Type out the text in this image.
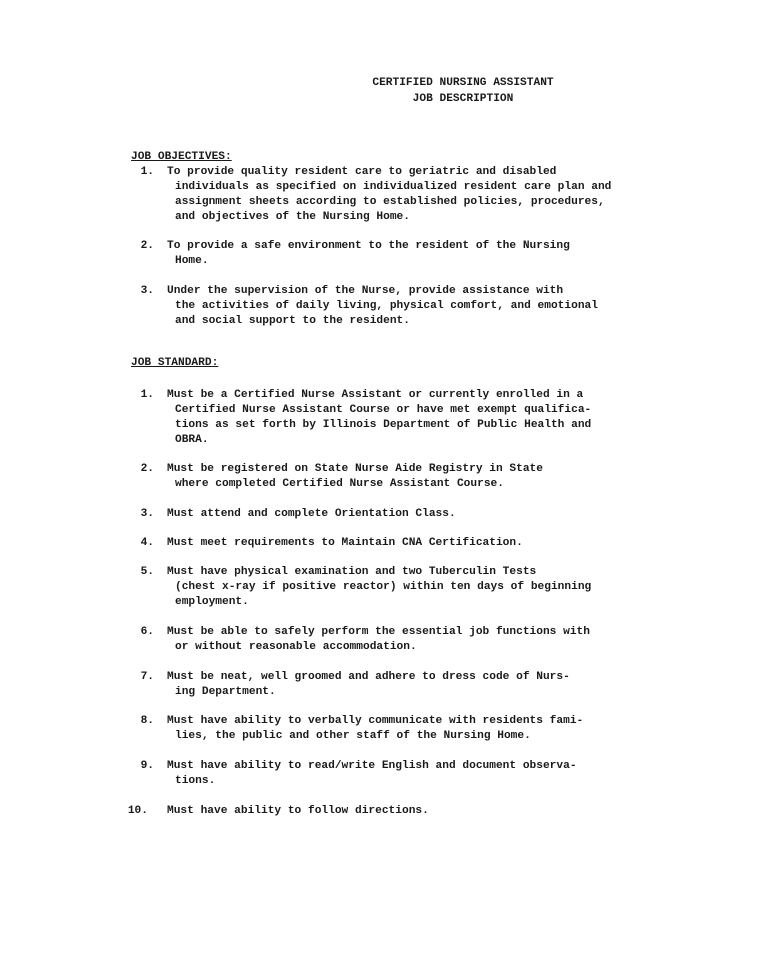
CERTIFIED NURSING ASSISTANT
JOB DESCRIPTION
JOB OBJECTIVES:
1. To provide quality resident care to geriatric and disabled
individuals as specified on individualized resident care plan and
assignment sheets according to established policies, procedures,
and objectives of the Nursing Home.
2. To provide a safe environment to the resident of the Nursing
Home.
3. Under the supervision of the Nurse, provide assistance with
the activities of daily living, physical comfort, and emotional
and social support to the resident.
JOB STANDARD:
1. Must be a Certified Nurse Assistant or currently enrolled in a
Certified Nurse Assistant Course or have met exempt qualifica-
tions as set forth by Illinois Department of Public Health and
OBRA.
2. Must be registered on State Nurse Aide Registry in State
where completed Certified Nurse Assistant Course.
3. Must attend and complete Orientation Class.
4. Must meet requirements to Maintain CNA Certification.
5. Must have physical examination and two Tuberculin Tests
(chest x-ray if positive reactor) within ten days of beginning
employment.
6. Must be able to safely perform the essential job functions with
or without reasonable accommodation.
7. Must be neat, well groomed and adhere to dress code of Nurs-
ing Department.
8. Must have ability to verbally communicate with residents fami-
lies, the public and other staff of the Nursing Home.
9. Must have ability to read/write English and document observa-
tions.
10. Must have ability to follow directions.
